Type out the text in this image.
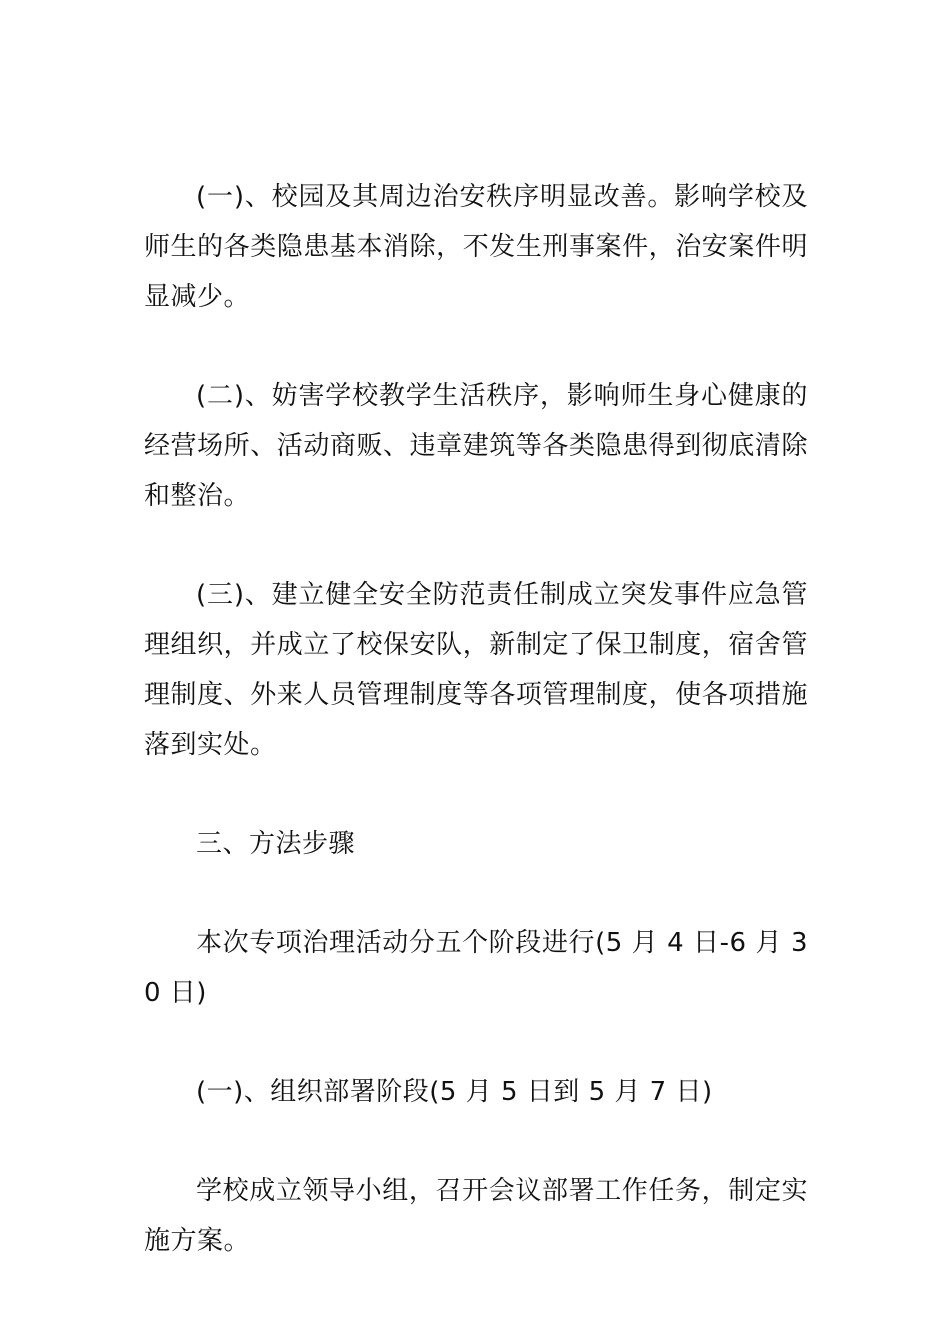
(一)、校园及其周边治安秩序明显改善。影响学校及师生的各类隐患基本消除，不发生刑事案件，治安案件明显减少。

(二)、妨害学校教学生活秩序，影响师生身心健康的经营场所、活动商贩、违章建筑等各类隐患得到彻底清除和整治。

(三)、建立健全安全防范责任制成立突发事件应急管理组织，并成立了校保安队，新制定了保卫制度，宿舍管理制度、外来人员管理制度等各项管理制度，使各项措施落到实处。

三、方法步骤

本次专项治理活动分五个阶段进行(5 月 4 日-6 月 30 日)

(一)、组织部署阶段(5 月 5 日到 5 月 7 日)

学校成立领导小组，召开会议部署工作任务，制定实施方案。
